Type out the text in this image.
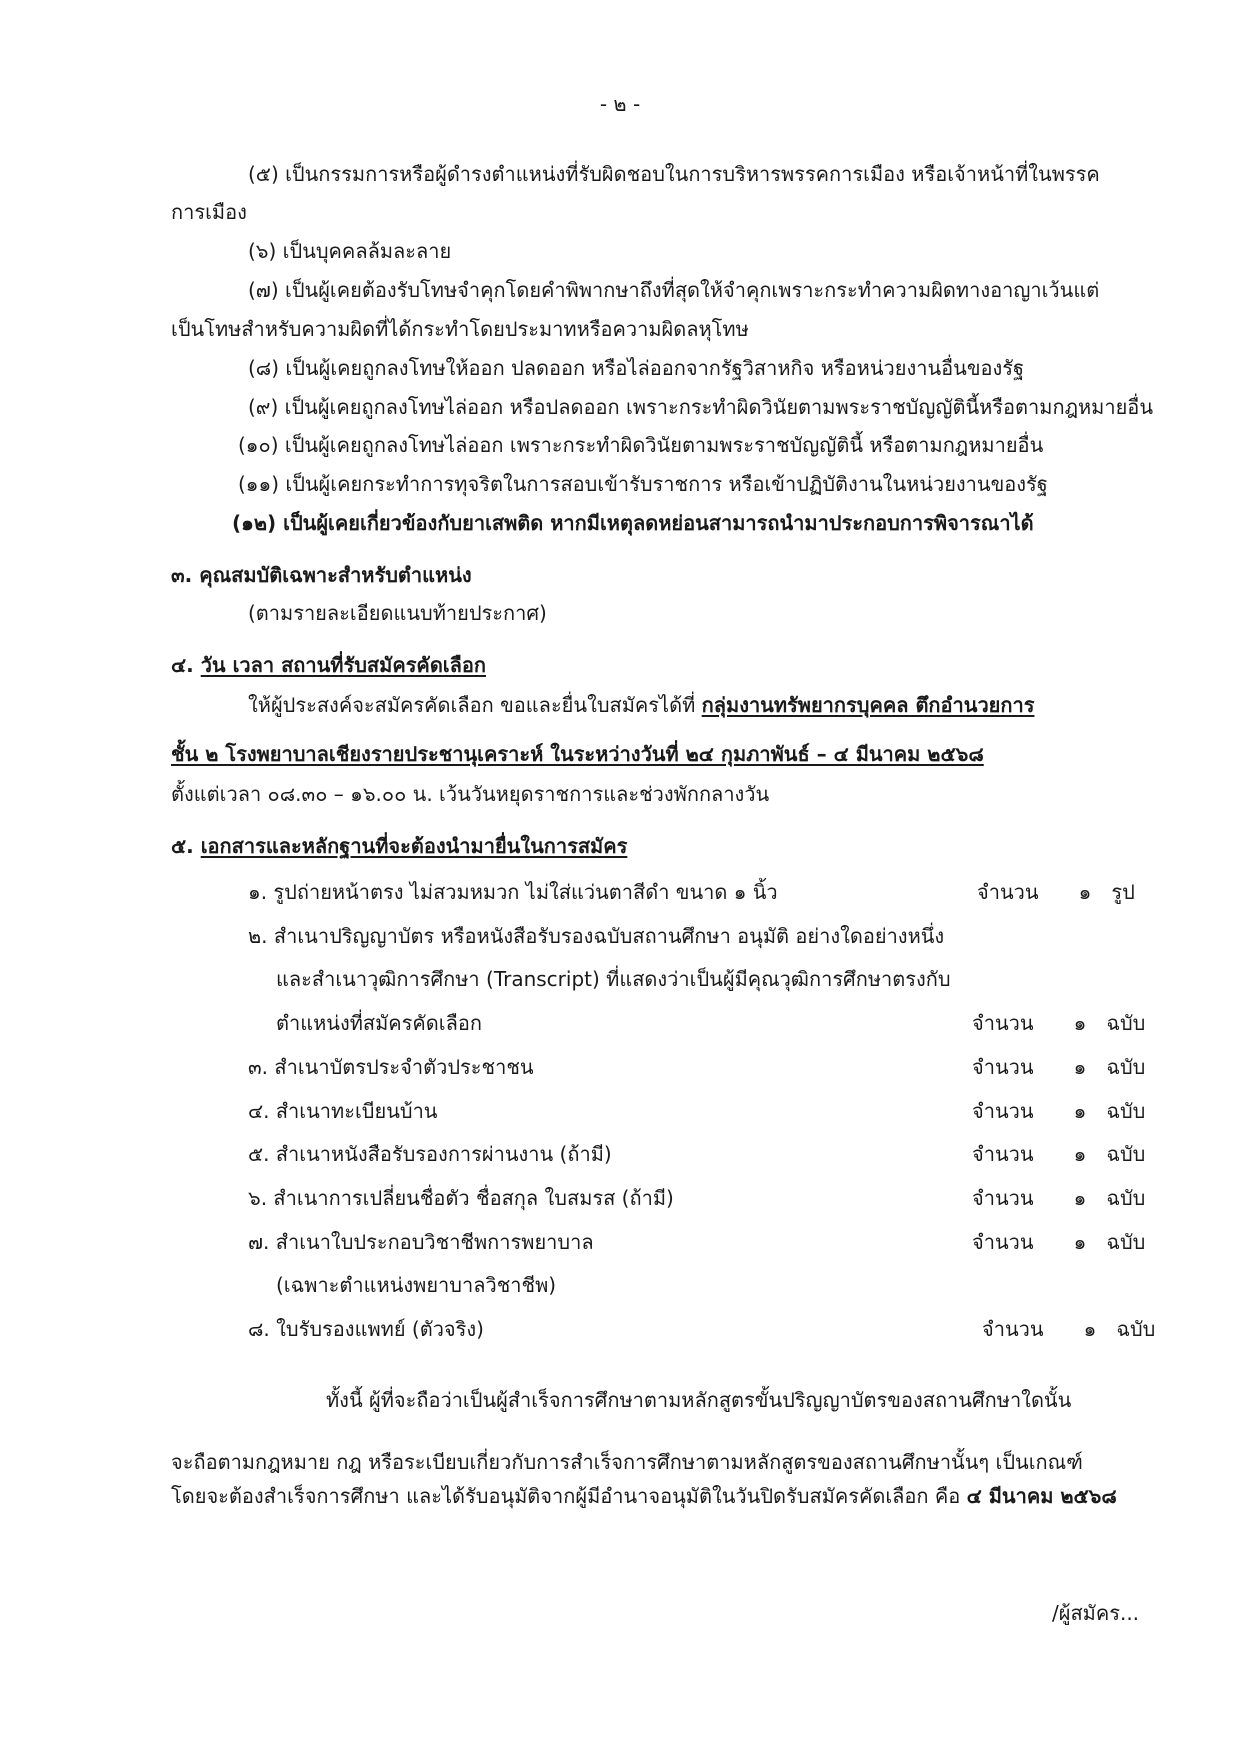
- ๒ -
(๕) เป็นกรรมการหรือผู้ดำรงตำแหน่งที่รับผิดชอบในการบริหารพรรคการเมือง หรือเจ้าหน้าที่ในพรรค
การเมือง
(๖) เป็นบุคคลล้มละลาย
(๗) เป็นผู้เคยต้องรับโทษจำคุกโดยคำพิพากษาถึงที่สุดให้จำคุกเพราะกระทำความผิดทางอาญาเว้นแต่
เป็นโทษสำหรับความผิดที่ได้กระทำโดยประมาทหรือความผิดลหุโทษ
(๘) เป็นผู้เคยถูกลงโทษให้ออก ปลดออก หรือไล่ออกจากรัฐวิสาหกิจ หรือหน่วยงานอื่นของรัฐ
(๙) เป็นผู้เคยถูกลงโทษไล่ออก หรือปลดออก เพราะกระทำผิดวินัยตามพระราชบัญญัตินี้หรือตามกฎหมายอื่น
(๑๐) เป็นผู้เคยถูกลงโทษไล่ออก เพราะกระทำผิดวินัยตามพระราชบัญญัตินี้ หรือตามกฎหมายอื่น
(๑๑) เป็นผู้เคยกระทำการทุจริตในการสอบเข้ารับราชการ หรือเข้าปฏิบัติงานในหน่วยงานของรัฐ
(๑๒) เป็นผู้เคยเกี่ยวข้องกับยาเสพติด หากมีเหตุลดหย่อนสามารถนำมาประกอบการพิจารณาได้
๓. คุณสมบัติเฉพาะสำหรับตำแหน่ง
(ตามรายละเอียดแนบท้ายประกาศ)
๔. วัน เวลา สถานที่รับสมัครคัดเลือก
ให้ผู้ประสงค์จะสมัครคัดเลือก ขอและยื่นใบสมัครได้ที่ กลุ่มงานทรัพยากรบุคคล ตึกอำนวยการ
ชั้น ๒ โรงพยาบาลเชียงรายประชานุเคราะห์ ในระหว่างวันที่ ๒๔ กุมภาพันธ์ – ๔ มีนาคม ๒๕๖๘
ตั้งแต่เวลา ๐๘.๓๐ – ๑๖.๐๐ น. เว้นวันหยุดราชการและช่วงพักกลางวัน
๕. เอกสารและหลักฐานที่จะต้องนำมายื่นในการสมัคร
๑. รูปถ่ายหน้าตรง ไม่สวมหมวก ไม่ใส่แว่นตาสีดำ ขนาด ๑ นิ้ว	จำนวน ๑ รูป
๒. สำเนาปริญญาบัตร หรือหนังสือรับรองฉบับสถานศึกษา อนุมัติ อย่างใดอย่างหนึ่ง
และสำเนาวุฒิการศึกษา (Transcript) ที่แสดงว่าเป็นผู้มีคุณวุฒิการศึกษาตรงกับ
ตำแหน่งที่สมัครคัดเลือก	จำนวน ๑ ฉบับ
๓. สำเนาบัตรประจำตัวประชาชน	จำนวน ๑ ฉบับ
๔. สำเนาทะเบียนบ้าน	จำนวน ๑ ฉบับ
๕. สำเนาหนังสือรับรองการผ่านงาน (ถ้ามี)	จำนวน ๑ ฉบับ
๖. สำเนาการเปลี่ยนชื่อตัว ชื่อสกุล ใบสมรส (ถ้ามี)	จำนวน ๑ ฉบับ
๗. สำเนาใบประกอบวิชาชีพการพยาบาล	จำนวน ๑ ฉบับ
(เฉพาะตำแหน่งพยาบาลวิชาชีพ)
๘. ใบรับรองแพทย์ (ตัวจริง)	จำนวน ๑ ฉบับ
ทั้งนี้ ผู้ที่จะถือว่าเป็นผู้สำเร็จการศึกษาตามหลักสูตรขั้นปริญญาบัตรของสถานศึกษาใดนั้น
จะถือตามกฎหมาย กฎ หรือระเบียบเกี่ยวกับการสำเร็จการศึกษาตามหลักสูตรของสถานศึกษานั้นๆ เป็นเกณฑ์
โดยจะต้องสำเร็จการศึกษา และได้รับอนุมัติจากผู้มีอำนาจอนุมัติในวันปิดรับสมัครคัดเลือก คือ ๔ มีนาคม ๒๕๖๘
/ผู้สมัคร...
